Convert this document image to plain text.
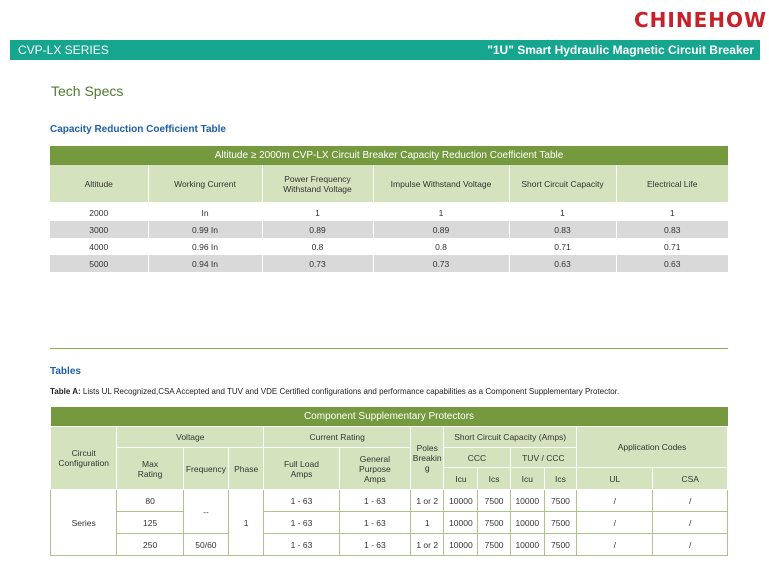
CHINEHOW
CVP-LX SERIES	"1U" Smart Hydraulic Magnetic Circuit Breaker
Tech Specs
Capacity Reduction Coefficient Table
Altitude ≥ 2000m CVP-LX Circuit Breaker Capacity Reduction Coefficient Table					
Altitude	Working Current	Power Frequency Withstand Voltage	Impulse Withstand Voltage	Short Circuit Capacity	Electrical Life

2000	In	1	1	1	1
3000	0.99 In	0.89	0.89	0.83	0.83
4000	0.96 In	0.8	0.8	0.71	0.71
5000	0.94 In	0.73	0.73	0.63	0.63
Tables
Table A: Lists UL Recognized,CSA Accepted and TUV and VDE Certified configurations and performance capabilities as a Component Supplementary Protector.
Component Supplementary Protectors												
Circuit Configuration	Voltage			Current Rating		Poles Breakin g	Short Circuit Capacity (Amps)				Application Codes	
	Max Rating	Frequency	Phase	Full Load Amps	General Purpose Amps		CCC		TUV / CCC			
							Icu	Ics	Icu	Ics	UL	CSA
Series	80	--	1	1 - 63	1 - 63	1 or 2	10000	7500	10000	7500	/	/
	125			1 - 63	1 - 63	1	10000	7500	10000	7500	/	/
	250	50/60		1 - 63	1 - 63	1 or 2	10000	7500	10000	7500	/	/
